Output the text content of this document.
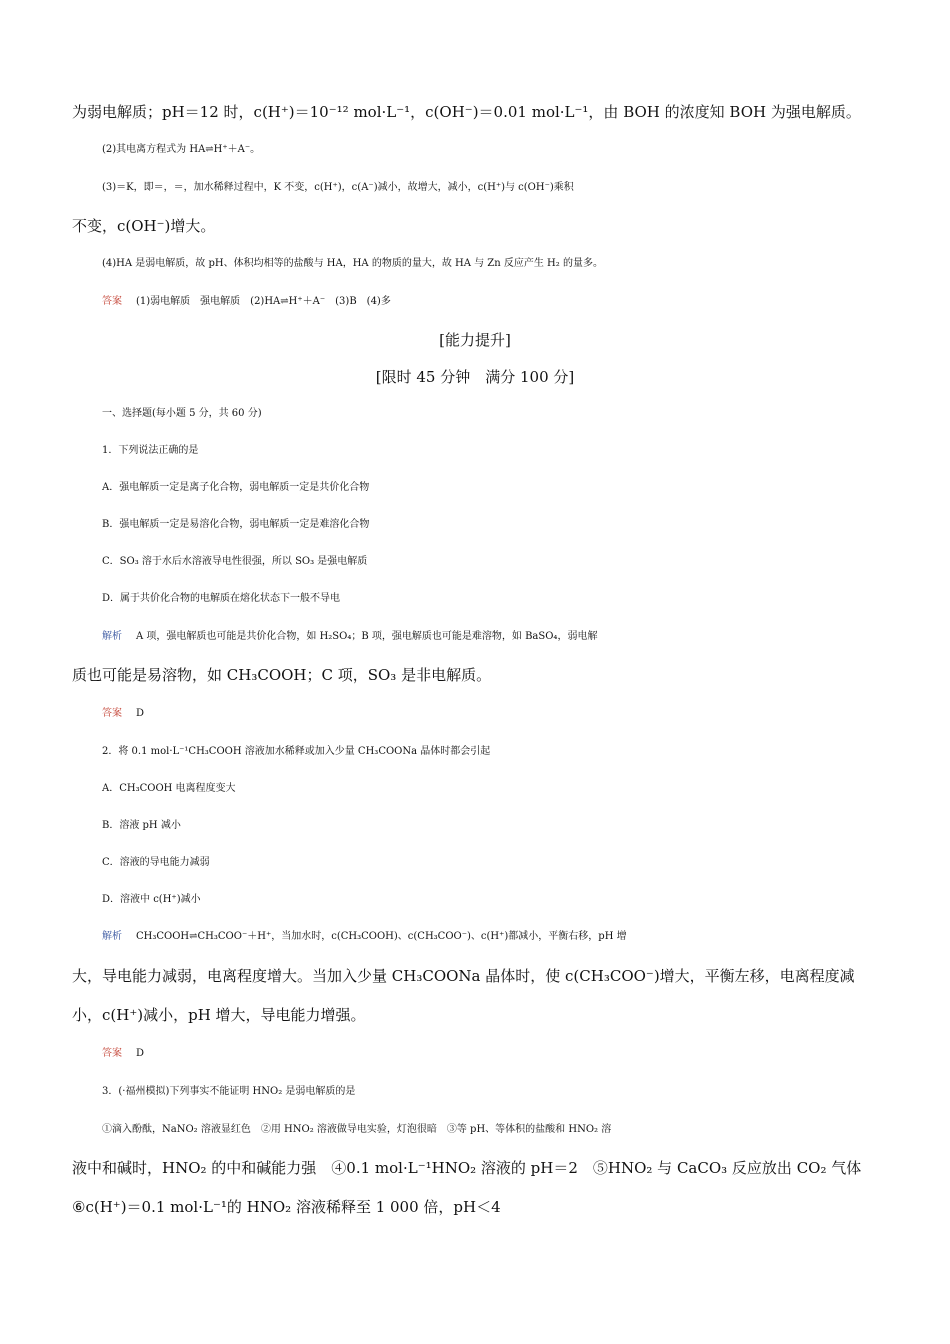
为弱电解质；pH＝12 时，c(H⁺)＝10⁻¹² mol·L⁻¹，c(OH⁻)＝0.01 mol·L⁻¹，由 BOH 的浓度知 BOH 为强电解质。
(2)其电离方程式为 HA⇌H⁺＋A⁻。
(3)＝K，即＝，＝，加水稀释过程中，K 不变，c(H⁺)，c(A⁻)减小，故增大，减小，c(H⁺)与 c(OH⁻)乘积
不变，c(OH⁻)增大。
(4)HA 是弱电解质，故 pH、体积均相等的盐酸与 HA，HA 的物质的量大，故 HA 与 Zn 反应产生 H₂ 的量多。
答案 (1)弱电解质　强电解质　(2)HA⇌H⁺＋A⁻　(3)B　(4)多
[能力提升]
[限时 45 分钟　满分 100 分]
一、选择题(每小题 5 分，共 60 分)
1．下列说法正确的是
A．强电解质一定是离子化合物，弱电解质一定是共价化合物
B．强电解质一定是易溶化合物，弱电解质一定是难溶化合物
C．SO₃ 溶于水后水溶液导电性很强，所以 SO₃ 是强电解质
D．属于共价化合物的电解质在熔化状态下一般不导电
解析 A 项，强电解质也可能是共价化合物，如 H₂SO₄；B 项，强电解质也可能是难溶物，如 BaSO₄，弱电解
质也可能是易溶物，如 CH₃COOH；C 项，SO₃ 是非电解质。
答案 D
2．将 0.1 mol·L⁻¹CH₃COOH 溶液加水稀释或加入少量 CH₃COONa 晶体时都会引起
A．CH₃COOH 电离程度变大
B．溶液 pH 减小
C．溶液的导电能力减弱
D．溶液中 c(H⁺)减小
解析 CH₃COOH⇌CH₃COO⁻＋H⁺，当加水时，c(CH₃COOH)、c(CH₃COO⁻)、c(H⁺)都减小，平衡右移，pH 增
大，导电能力减弱，电离程度增大。当加入少量 CH₃COONa 晶体时，使 c(CH₃COO⁻)增大，平衡左移，电离程度减
小，c(H⁺)减小，pH 增大，导电能力增强。
答案 D
3．(·福州模拟)下列事实不能证明 HNO₂ 是弱电解质的是
①滴入酚酞，NaNO₂ 溶液显红色　②用 HNO₂ 溶液做导电实验，灯泡很暗　③等 pH、等体积的盐酸和 HNO₂ 溶
液中和碱时，HNO₂ 的中和碱能力强　④0.1 mol·L⁻¹HNO₂ 溶液的 pH＝2　⑤HNO₂ 与 CaCO₃ 反应放出 CO₂ 气体
⑥c(H⁺)＝0.1 mol·L⁻¹的 HNO₂ 溶液稀释至 1 000 倍，pH＜4
